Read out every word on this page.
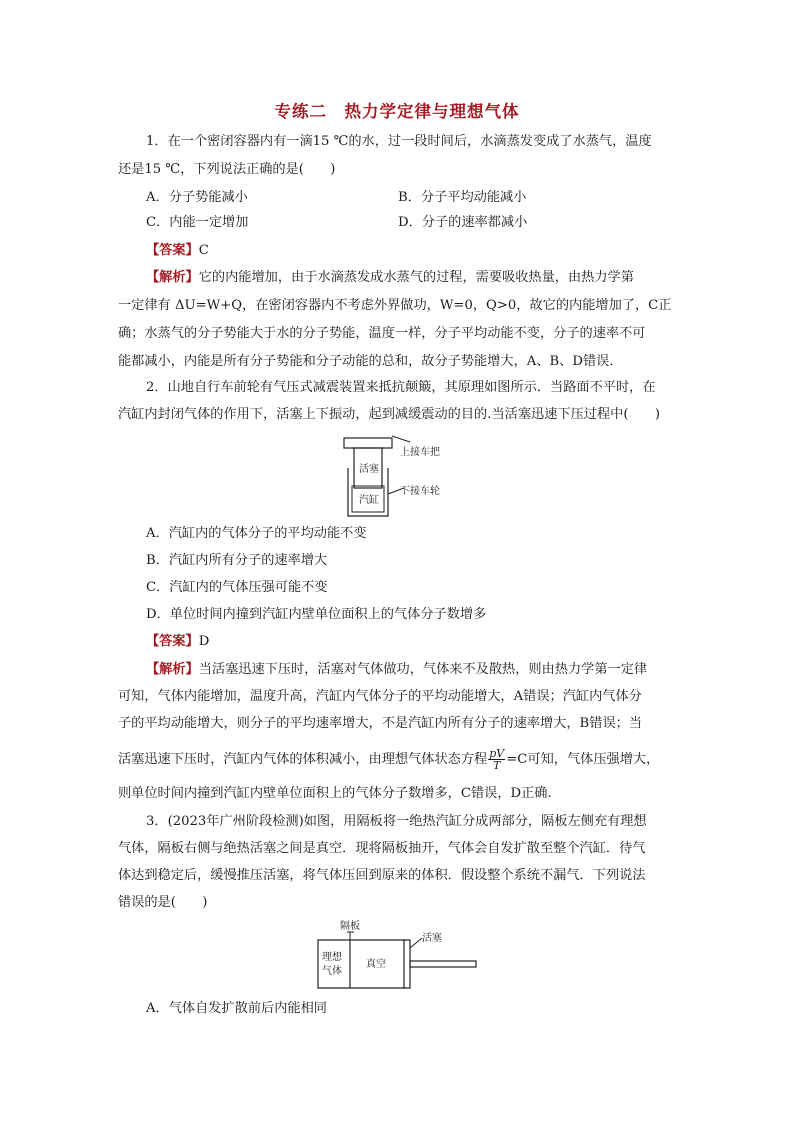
专练二　热力学定律与理想气体
1．在一个密闭容器内有一滴15 ℃的水，过一段时间后，水滴蒸发变成了水蒸气，温度
还是15 ℃，下列说法正确的是(　　)
A．分子势能减小	B．分子平均动能减小
C．内能一定增加	D．分子的速率都减小
【答案】C
【解析】它的内能增加，由于水滴蒸发成水蒸气的过程，需要吸收热量，由热力学第
一定律有 ΔU=W+Q，在密闭容器内不考虑外界做功，W=0，Q>0，故它的内能增加了，C正
确；水蒸气的分子势能大于水的分子势能，温度一样，分子平均动能不变，分子的速率不可
能都减小，内能是所有分子势能和分子动能的总和，故分子势能增大，A、B、D错误．
2．山地自行车前轮有气压式减震装置来抵抗颠簸，其原理如图所示．当路面不平时，在
汽缸内封闭气体的作用下，活塞上下振动，起到减缓震动的目的.当活塞迅速下压过程中(　　)
活塞
汽缸
上接车把
下接车轮
A．汽缸内的气体分子的平均动能不变
B．汽缸内所有分子的速率增大
C．汽缸内的气体压强可能不变
D．单位时间内撞到汽缸内壁单位面积上的气体分子数增多
【答案】D
【解析】当活塞迅速下压时，活塞对气体做功，气体来不及散热，则由热力学第一定律
可知，气体内能增加，温度升高，汽缸内气体分子的平均动能增大，A错误；汽缸内气体分
子的平均动能增大，则分子的平均速率增大，不是汽缸内所有分子的速率增大，B错误；当
活塞迅速下压时，汽缸内气体的体积减小，由理想气体状态方程 $\frac{pV}{T} =C$可知，气体压强增大，
则单位时间内撞到汽缸内壁单位面积上的气体分子数增多，C错误，D正确.
3．(2023年广州阶段检测)如图，用隔板将一绝热汽缸分成两部分，隔板左侧充有理想
气体，隔板右侧与绝热活塞之间是真空．现将隔板抽开，气体会自发扩散至整个汽缸．待气
体达到稳定后，缓慢推压活塞，将气体压回到原来的体积．假设整个系统不漏气．下列说法
错误的是(　　)
隔板
活塞
理想
气体
真空
A．气体自发扩散前后内能相同
